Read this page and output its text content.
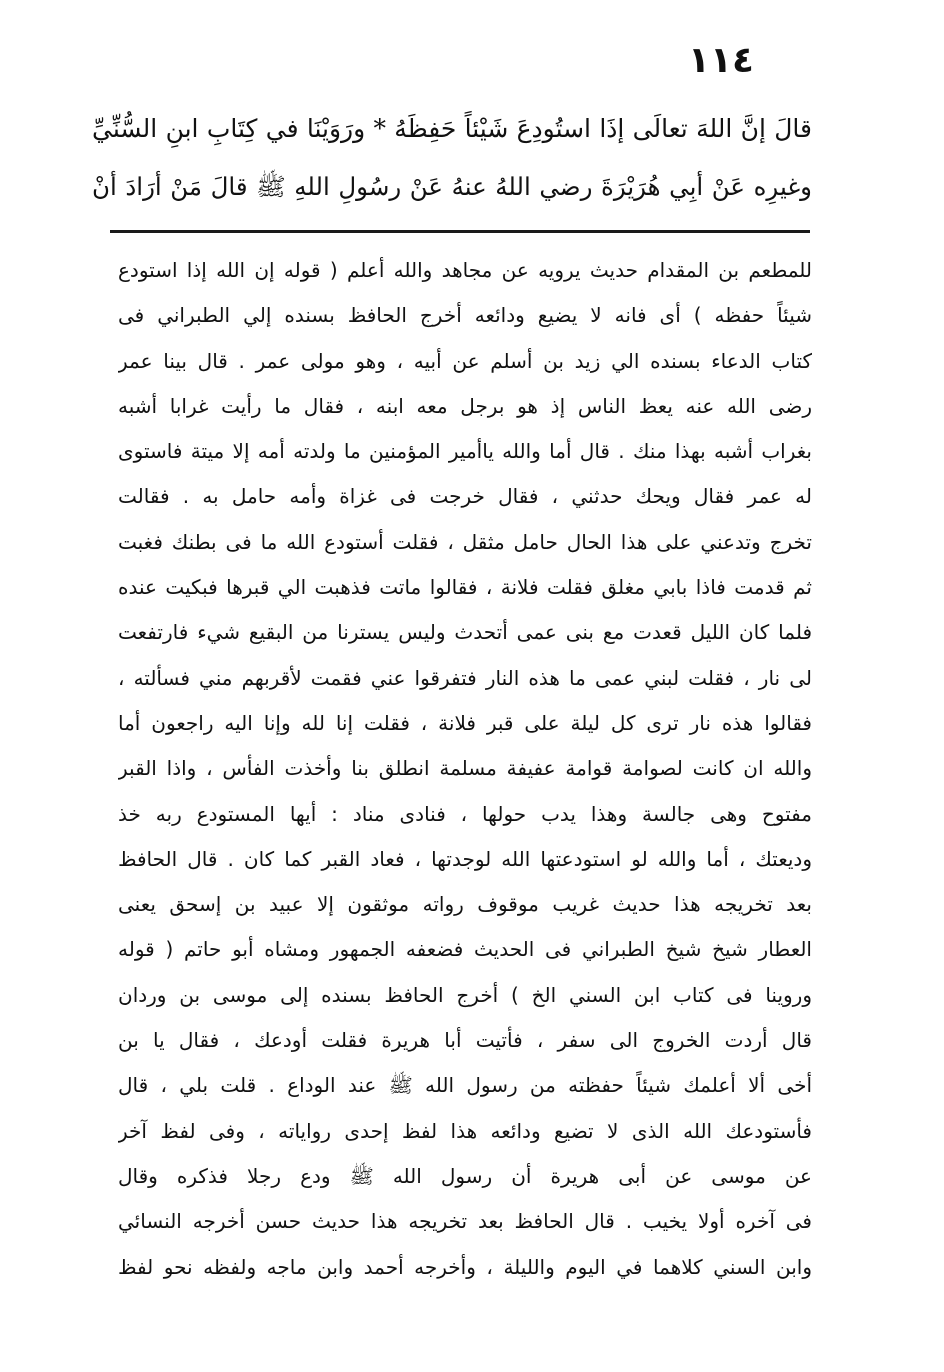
١١٤
قالَ إنَّ اللهَ تعالَى إذَا استُودِعَ شَيْئاً حَفِظَهُ * ورَوَيْنَا في كِتَابِ ابنِ السُّنِّيِّ
وغيرِه عَنْ أبِي هُرَيْرَةَ رضي اللهُ عنهُ عَنْ رسُولِ اللهِ ﷺ قالَ مَنْ أرَادَ أنْ
للمطعم بن المقدام حديث يرويه عن مجاهد والله أعلم ( قوله إن الله إذا استودع
شيئاً حفظه ) أى فانه لا يضيع ودائعه أخرج الحافظ بسنده إلي الطبراني فى
كتاب الدعاء بسنده الي زيد بن أسلم عن أبيه ، وهو مولى عمر . قال بينا عمر
رضى الله عنه يعظ الناس إذ هو برجل معه ابنه ، فقال ما رأيت غرابا أشبه
بغراب أشبه بهذا منك . قال أما والله ياأمير المؤمنين ما ولدته أمه إلا ميتة فاستوى
له عمر فقال ويحك حدثني ، فقال خرجت فى غزاة وأمه حامل به . فقالت
تخرج وتدعني على هذا الحال حامل مثقل ، فقلت أستودع الله ما فى بطنك فغبت
ثم قدمت فاذا بابي مغلق فقلت فلانة ، فقالوا ماتت فذهبت الي قبرها فبكيت عنده
فلما كان الليل قعدت مع بنى عمى أتحدث وليس يسترنا من البقيع شيء فارتفعت
لى نار ، فقلت لبني عمى ما هذه النار فتفرقوا عني فقمت لأقربهم مني فسألته ،
فقالوا هذه نار ترى كل ليلة على قبر فلانة ، فقلت إنا لله وإنا اليه راجعون أما
والله ان كانت لصوامة قوامة عفيفة مسلمة انطلق بنا وأخذت الفأس ، واذا القبر
مفتوح وهى جالسة وهذا يدب حولها ، فنادى مناد : أيها المستودع ربه خذ
وديعتك ، أما والله لو استودعتها الله لوجدتها ، فعاد القبر كما كان . قال الحافظ
بعد تخريجه هذا حديث غريب موقوف رواته موثقون إلا عبيد بن إسحق يعنى
العطار شيخ شيخ الطبراني فى الحديث فضعفه الجمهور ومشاه أبو حاتم ( قوله
وروينا فى كتاب ابن السني الخ ) أخرج الحافظ بسنده إلى موسى بن وردان
قال أردت الخروج الى سفر ، فأتيت أبا هريرة فقلت أودعك ، فقال يا بن
أخى ألا أعلمك شيئاً حفظته من رسول الله ﷺ عند الوداع . قلت بلي ، قال
فأستودعك الله الذى لا تضيع ودائعه هذا لفظ إحدى رواياته ، وفى لفظ آخر
عن موسى عن أبى هريرة أن رسول الله ﷺ ودع رجلا فذكره وقال
فى آخره أولا يخيب . قال الحافظ بعد تخريجه هذا حديث حسن أخرجه النسائي
وابن السني كلاهما في اليوم والليلة ، وأخرجه أحمد وابن ماجه ولفظه نحو لفظ
